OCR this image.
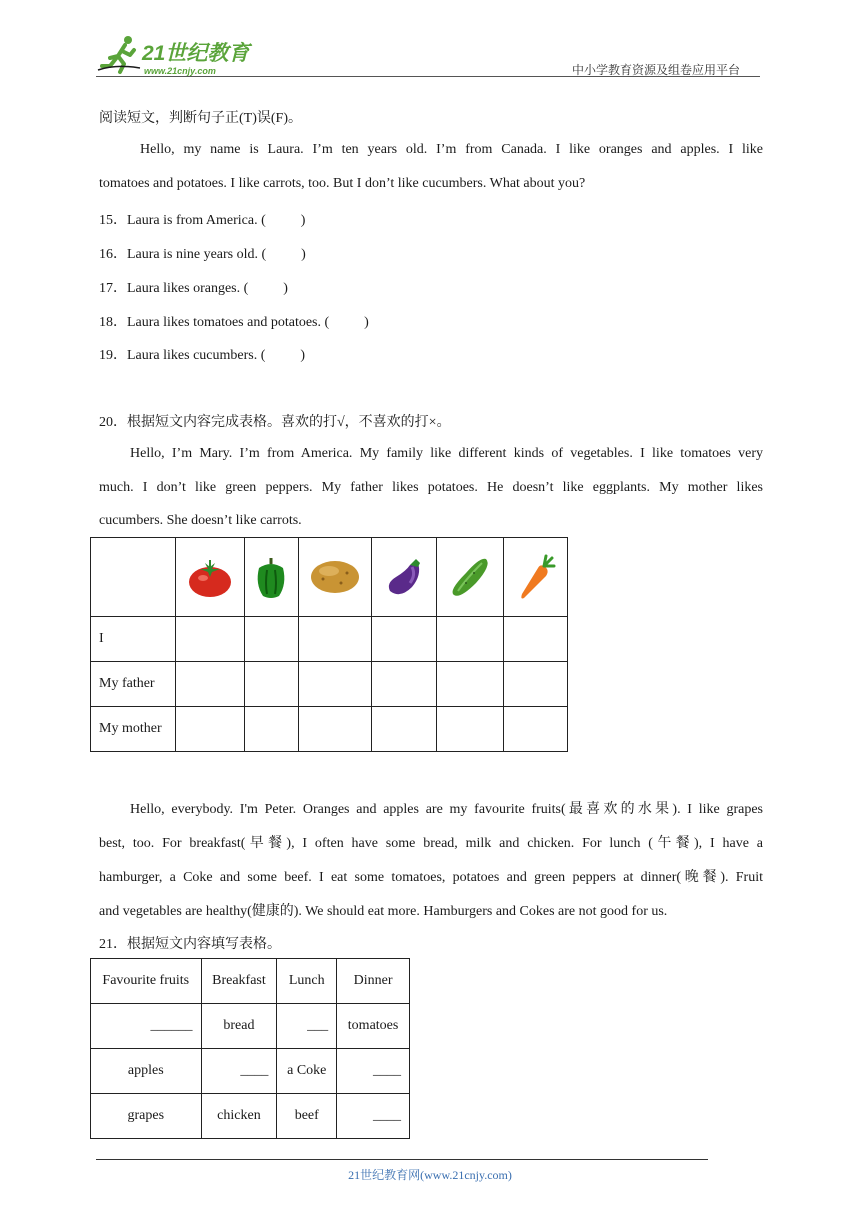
21世纪教育
www.21cnjy.com	中小学教育资源及组卷应用平台
阅读短文，判断句子正(T)误(F)。
Hello, my name is Laura. I’m ten years old. I’m from Canada. I like oranges and apples. I like
tomatoes and potatoes. I like carrots, too. But I don’t like cucumbers. What about you?
15．Laura is from America. (          )
16．Laura is nine years old. (          )
17．Laura likes oranges. (          )
18．Laura likes tomatoes and potatoes. (          )
19．Laura likes cucumbers. (          )
20．根据短文内容完成表格。喜欢的打√，不喜欢的打×。
Hello, I’m Mary. I’m from America. My family like different kinds of vegetables. I like tomatoes very
much. I don’t like green peppers. My father likes potatoes. He doesn’t like eggplants. My mother likes
cucumbers. She doesn’t like carrots.

I						
My father						
My mother						
Hello, everybody. I'm Peter. Oranges and apples are my favourite fruits(最喜欢的水果). I like grapes
best, too. For breakfast(早餐), I often have some bread, milk and chicken. For lunch (午餐), I have a
hamburger, a Coke and some beef. I eat some tomatoes, potatoes and green peppers at dinner(晚餐). Fruit
and vegetables are healthy(健康的). We should eat more. Hamburgers and Cokes are not good for us.
21．根据短文内容填写表格。
Favourite fruits	Breakfast	Lunch	Dinner
______	bread	___	tomatoes
apples	____	a Coke	____
grapes	chicken	beef	____
21世纪教育网(www.21cnjy.com)
